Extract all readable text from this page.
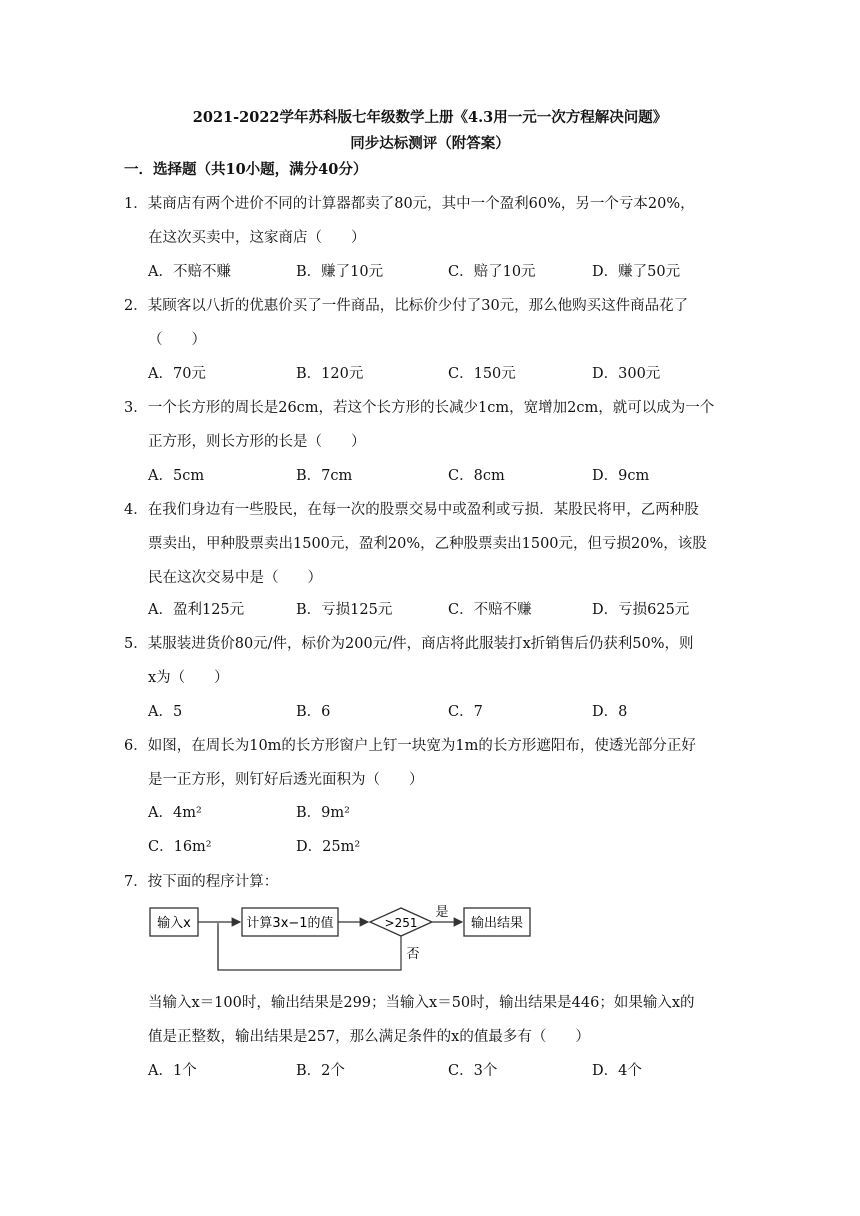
2021-2022学年苏科版七年级数学上册《4.3用一元一次方程解决问题》
同步达标测评（附答案）
一．选择题（共10小题，满分40分）
1．某商店有两个进价不同的计算器都卖了80元，其中一个盈利60%，另一个亏本20%，
在这次买卖中，这家商店（　　）
A．不赔不赚	B．赚了10元	C．赔了10元	D．赚了50元
2．某顾客以八折的优惠价买了一件商品，比标价少付了30元，那么他购买这件商品花了
（　　）
A．70元	B．120元	C．150元	D．300元
3．一个长方形的周长是26cm，若这个长方形的长减少1cm，宽增加2cm，就可以成为一个
正方形，则长方形的长是（　　）
A．5cm	B．7cm	C．8cm	D．9cm
4．在我们身边有一些股民，在每一次的股票交易中或盈利或亏损．某股民将甲，乙两种股
票卖出，甲种股票卖出1500元，盈利20%，乙种股票卖出1500元，但亏损20%，该股
民在这次交易中是（　　）
A．盈利125元	B．亏损125元	C．不赔不赚	D．亏损625元
5．某服装进货价80元/件，标价为200元/件，商店将此服装打x折销售后仍获利50%，则
x为（　　）
A．5	B．6	C．7	D．8
6．如图，在周长为10m的长方形窗户上钉一块宽为1m的长方形遮阳布，使透光部分正好
是一正方形，则钉好后透光面积为（　　）
A．4m²	B．9m²
C．16m²	D．25m²
7．按下面的程序计算：
输入x	计算3x−1的值	>251
是
输出结果
否
当输入x＝100时，输出结果是299；当输入x＝50时，输出结果是446；如果输入x的
值是正整数，输出结果是257，那么满足条件的x的值最多有（　　）
A．1个	B．2个	C．3个	D．4个
